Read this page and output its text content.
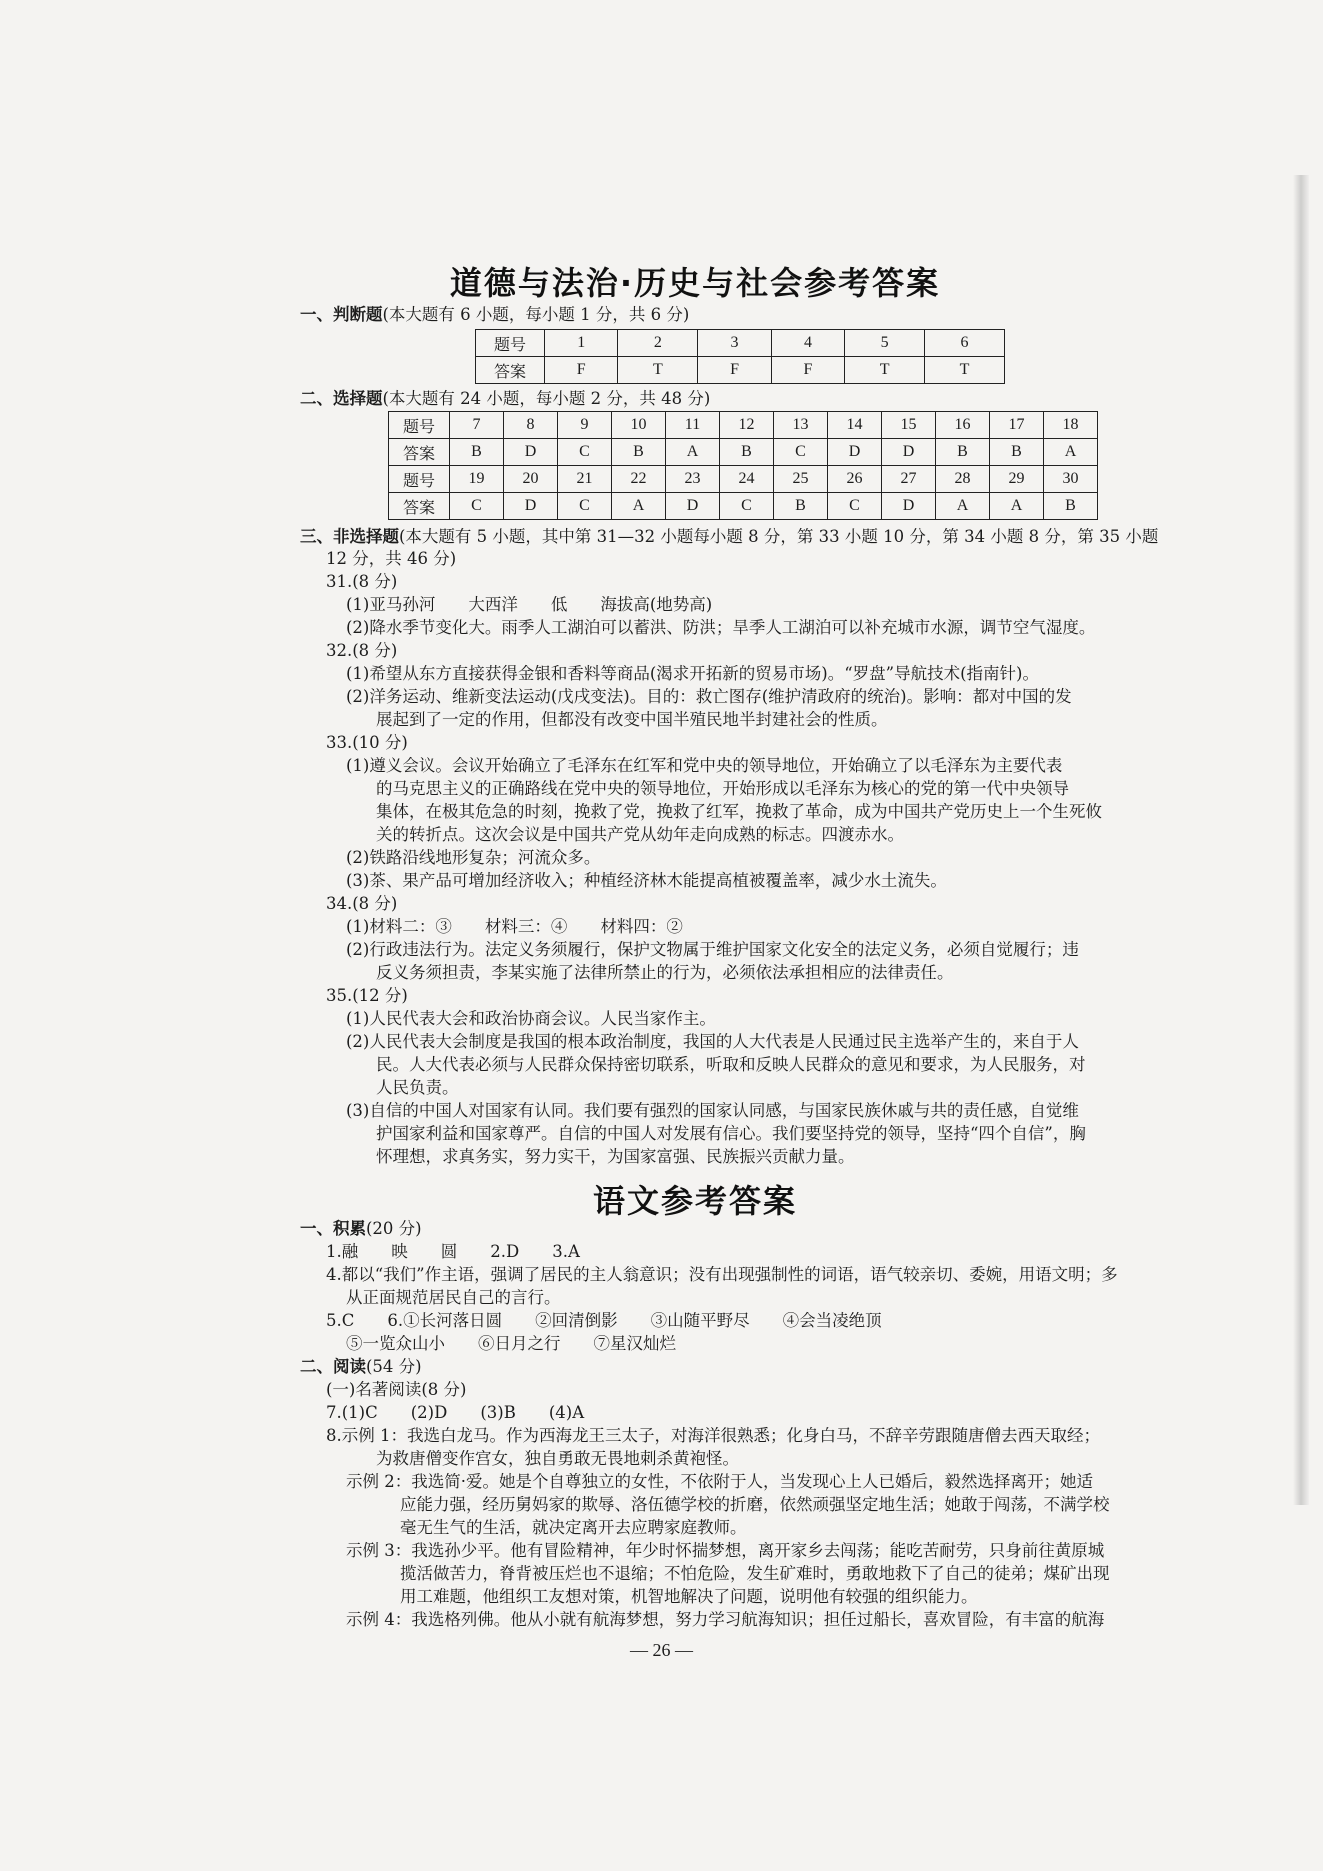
道德与法治·历史与社会参考答案
一、判断题(本大题有 6 小题，每小题 1 分，共 6 分)
题号	1	2	3	4	5	6
答案	F	T	F	F	T	T
二、选择题(本大题有 24 小题，每小题 2 分，共 48 分)
题号	7	8	9	10	11	12	13	14	15	16	17	18
答案	B	D	C	B	A	B	C	D	D	B	B	A
题号	19	20	21	22	23	24	25	26	27	28	29	30
答案	C	D	C	A	D	C	B	C	D	A	A	B
三、非选择题(本大题有 5 小题，其中第 31—32 小题每小题 8 分，第 33 小题 10 分，第 34 小题 8 分，第 35 小题
12 分，共 46 分)
31.(8 分)
(1)亚马孙河　　大西洋　　低　　海拔高(地势高)
(2)降水季节变化大。雨季人工湖泊可以蓄洪、防洪；旱季人工湖泊可以补充城市水源，调节空气湿度。
32.(8 分)
(1)希望从东方直接获得金银和香料等商品(渴求开拓新的贸易市场)。“罗盘”导航技术(指南针)。
(2)洋务运动、维新变法运动(戊戌变法)。目的：救亡图存(维护清政府的统治)。影响：都对中国的发
展起到了一定的作用，但都没有改变中国半殖民地半封建社会的性质。
33.(10 分)
(1)遵义会议。会议开始确立了毛泽东在红军和党中央的领导地位，开始确立了以毛泽东为主要代表
的马克思主义的正确路线在党中央的领导地位，开始形成以毛泽东为核心的党的第一代中央领导
集体，在极其危急的时刻，挽救了党，挽救了红军，挽救了革命，成为中国共产党历史上一个生死攸
关的转折点。这次会议是中国共产党从幼年走向成熟的标志。四渡赤水。
(2)铁路沿线地形复杂；河流众多。
(3)茶、果产品可增加经济收入；种植经济林木能提高植被覆盖率，减少水土流失。
34.(8 分)
(1)材料二：③　　材料三：④　　材料四：②
(2)行政违法行为。法定义务须履行，保护文物属于维护国家文化安全的法定义务，必须自觉履行；违
反义务须担责，李某实施了法律所禁止的行为，必须依法承担相应的法律责任。
35.(12 分)
(1)人民代表大会和政治协商会议。人民当家作主。
(2)人民代表大会制度是我国的根本政治制度，我国的人大代表是人民通过民主选举产生的，来自于人
民。人大代表必须与人民群众保持密切联系，听取和反映人民群众的意见和要求，为人民服务，对
人民负责。
(3)自信的中国人对国家有认同。我们要有强烈的国家认同感，与国家民族休戚与共的责任感，自觉维
护国家利益和国家尊严。自信的中国人对发展有信心。我们要坚持党的领导，坚持“四个自信”，胸
怀理想，求真务实，努力实干，为国家富强、民族振兴贡献力量。
语文参考答案
一、积累(20 分)
1.融　　映　　圆　　2.D　　3.A
4.都以“我们”作主语，强调了居民的主人翁意识；没有出现强制性的词语，语气较亲切、委婉，用语文明；多
从正面规范居民自己的言行。
5.C　　6.①长河落日圆　　②回清倒影　　③山随平野尽　　④会当凌绝顶
⑤一览众山小　　⑥日月之行　　⑦星汉灿烂
二、阅读(54 分)
(一)名著阅读(8 分)
7.(1)C　　(2)D　　(3)B　　(4)A
8.示例 1：我选白龙马。作为西海龙王三太子，对海洋很熟悉；化身白马，不辞辛劳跟随唐僧去西天取经；
为救唐僧变作宫女，独自勇敢无畏地刺杀黄袍怪。
示例 2：我选简·爱。她是个自尊独立的女性，不依附于人，当发现心上人已婚后，毅然选择离开；她适
应能力强，经历舅妈家的欺辱、洛伍德学校的折磨，依然顽强坚定地生活；她敢于闯荡，不满学校
毫无生气的生活，就决定离开去应聘家庭教师。
示例 3：我选孙少平。他有冒险精神，年少时怀揣梦想，离开家乡去闯荡；能吃苦耐劳，只身前往黄原城
揽活做苦力，脊背被压烂也不退缩；不怕危险，发生矿难时，勇敢地救下了自己的徒弟；煤矿出现
用工难题，他组织工友想对策，机智地解决了问题，说明他有较强的组织能力。
示例 4：我选格列佛。他从小就有航海梦想，努力学习航海知识；担任过船长，喜欢冒险，有丰富的航海
— 26 —
